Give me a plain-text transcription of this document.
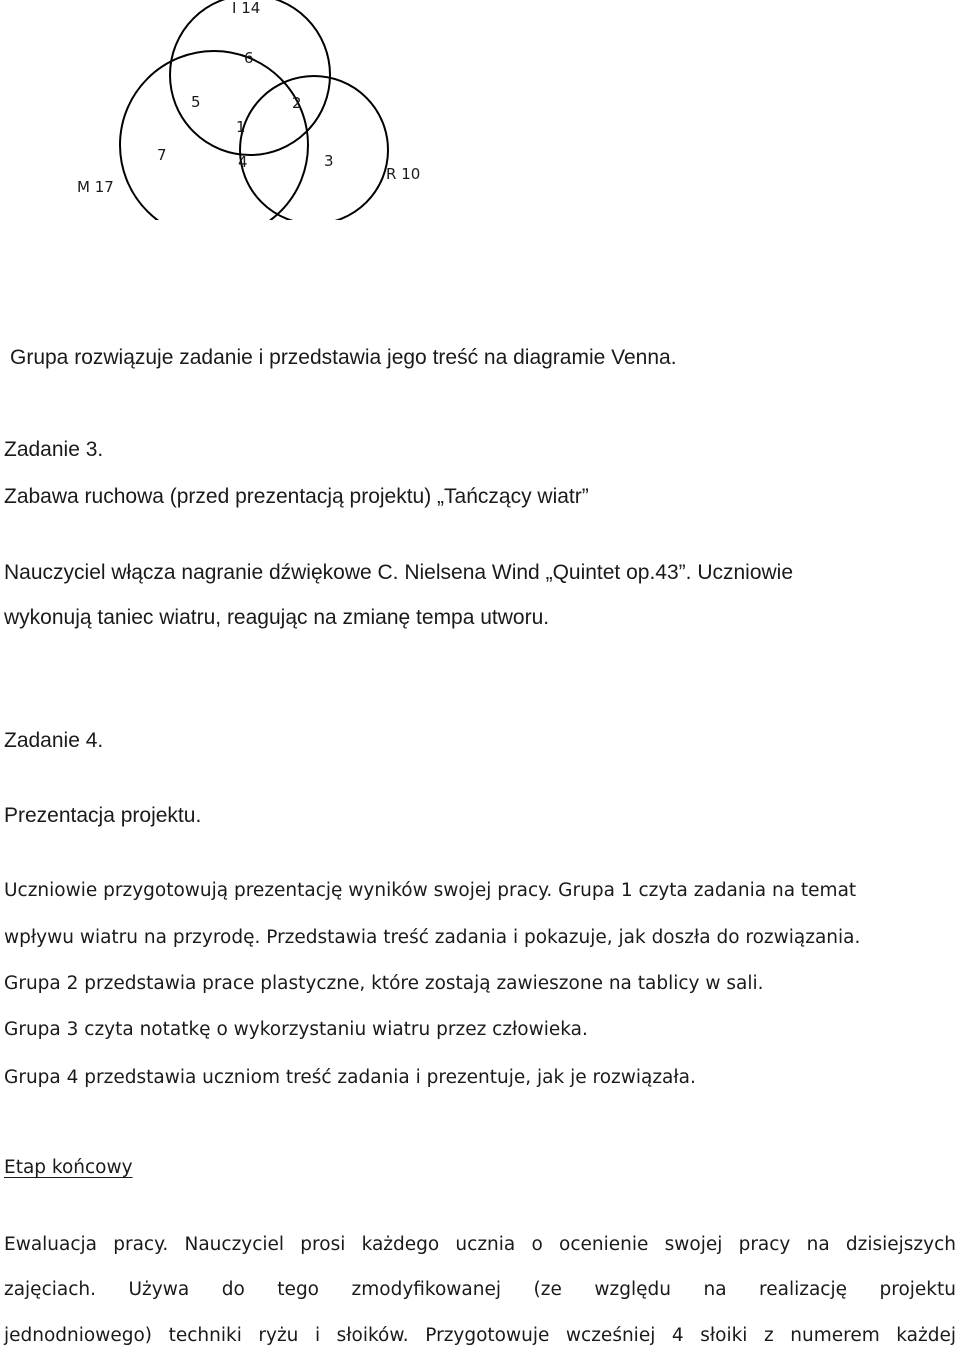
I 14
M 17
R 10
6
5	2
1
7	4	3

Grupa rozwiązuje zadanie i przedstawia jego treść na diagramie Venna.

Zadanie 3.

Zabawa ruchowa (przed prezentacją projektu) „Tańczący wiatr”

Nauczyciel włącza nagranie dźwiękowe C. Nielsena Wind „Quintet op.43”. Uczniowie

wykonują taniec wiatru, reagując na zmianę tempa utworu.

Zadanie 4.

Prezentacja projektu.

Uczniowie przygotowują prezentację wyników swojej pracy. Grupa 1 czyta zadania na temat

wpływu wiatru na przyrodę. Przedstawia treść zadania i pokazuje, jak doszła do rozwiązania.

Grupa 2 przedstawia prace plastyczne, które zostają zawieszone na tablicy w sali.

Grupa 3 czyta notatkę o wykorzystaniu wiatru przez człowieka.

Grupa 4 przedstawia uczniom treść zadania i prezentuje, jak je rozwiązała.

Etap końcowy

Ewaluacja pracy. Nauczyciel prosi każdego ucznia o ocenienie swojej pracy na dzisiejszych

zajęciach. Używa do tego zmodyfikowanej (ze względu na realizację projektu

jednodniowego) techniki ryżu i słoików. Przygotowuje wcześniej 4 słoiki z numerem każdej
